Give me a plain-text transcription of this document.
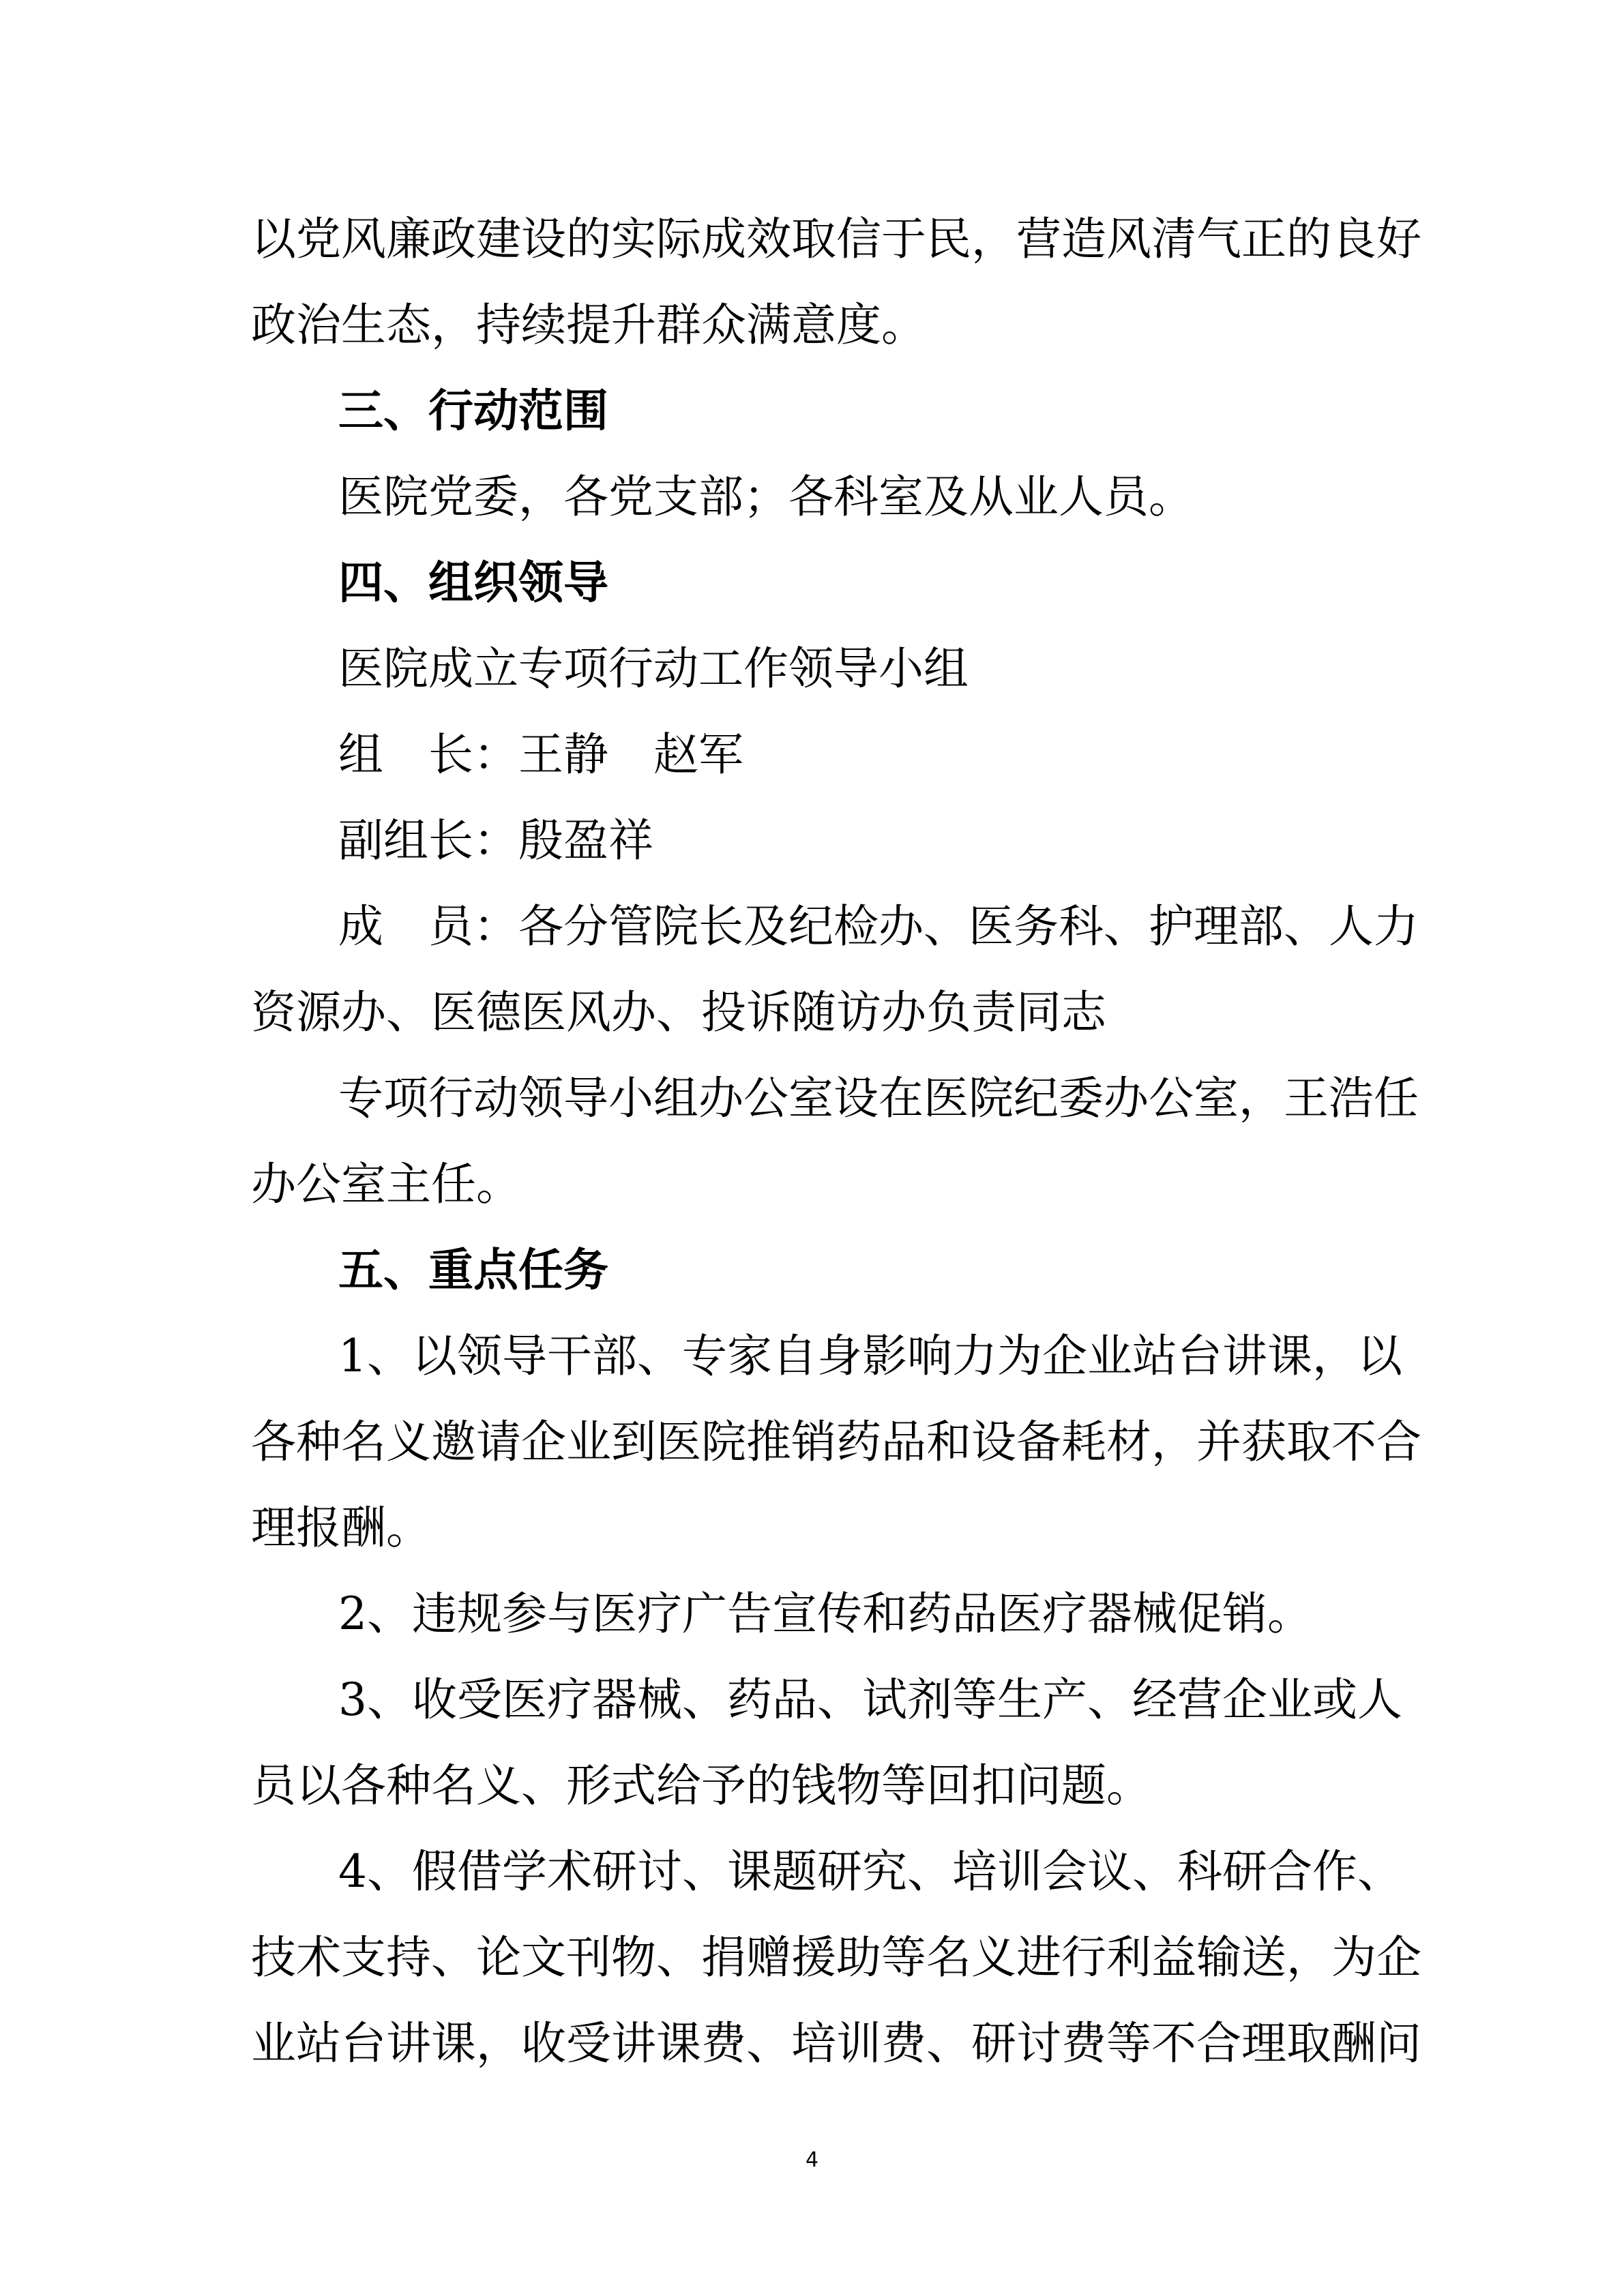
以党风廉政建设的实际成效取信于民，营造风清气正的良好

政治生态，持续提升群众满意度。

三、行动范围

医院党委，各党支部；各科室及从业人员。

四、组织领导

医院成立专项行动工作领导小组

组　长：王静　赵军

副组长：殷盈祥

成　员：各分管院长及纪检办、医务科、护理部、人力

资源办、医德医风办、投诉随访办负责同志

专项行动领导小组办公室设在医院纪委办公室，王浩任

办公室主任。

五、重点任务

1、以领导干部、专家自身影响力为企业站台讲课，以

各种名义邀请企业到医院推销药品和设备耗材，并获取不合

理报酬。

2、违规参与医疗广告宣传和药品医疗器械促销。

3、收受医疗器械、药品、试剂等生产、经营企业或人

员以各种名义、形式给予的钱物等回扣问题。

4、假借学术研讨、课题研究、培训会议、科研合作、

技术支持、论文刊物、捐赠援助等名义进行利益输送，为企

业站台讲课，收受讲课费、培训费、研讨费等不合理取酬问

4
